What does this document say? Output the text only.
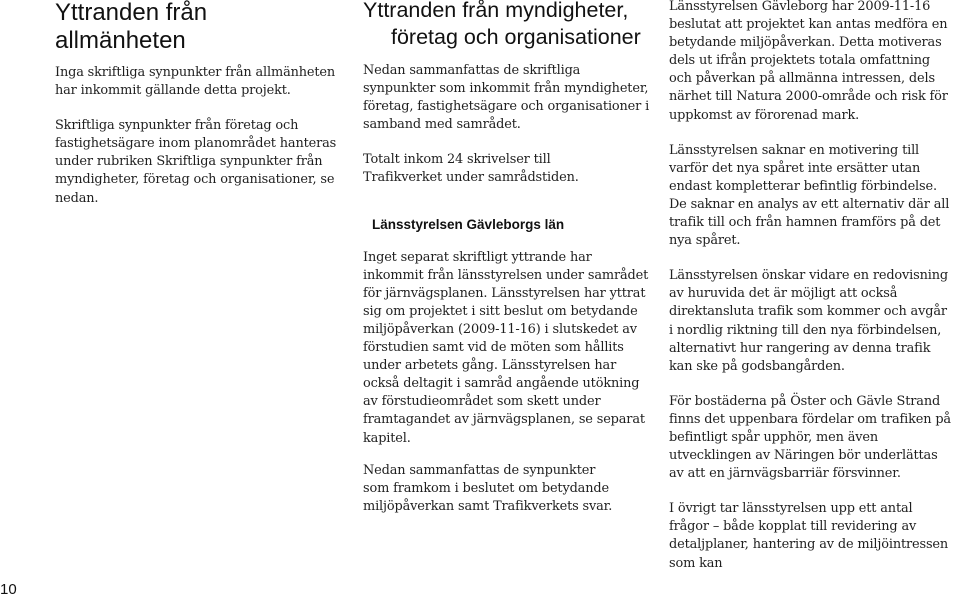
Yttranden från allmänheten

Inga skriftliga synpunkter från allmänheten har inkommit gällande detta projekt.

Skriftliga synpunkter från företag och fastighetsägare inom planområdet hanteras under rubriken Skriftliga synpunkter från myndigheter, företag och organisationer, se nedan.

Yttranden från myndigheter,
företag och organisationer

Nedan sammanfattas de skriftliga synpunkter som inkommit från myndigheter, företag, fastighetsägare och organisationer i samband med samrådet.

Totalt inkom 24 skrivelser till Trafikverket under samrådstiden.

Länsstyrelsen Gävleborgs län

Inget separat skriftligt yttrande har inkommit från länsstyrelsen under samrådet för järnvägsplanen. Länsstyrelsen har yttrat sig om projektet i sitt beslut om betydande miljöpåverkan (2009-11-16) i slutskedet av förstudien samt vid de möten som hållits under arbetets gång. Länsstyrelsen har också deltagit i samråd angående utökning av förstudieområdet som skett under framtagandet av järnvägsplanen, se separat kapitel.

Nedan sammanfattas de synpunkter som framkom i beslutet om betydande miljöpåverkan samt Trafikverkets svar.

Länsstyrelsen Gävleborg har 2009-11-16 beslutat att projektet kan antas medföra en betydande miljöpåverkan. Detta motiveras dels ut ifrån projektets totala omfattning och påverkan på allmänna intressen, dels närhet till Natura 2000-område och risk för uppkomst av förorenad mark.

Länsstyrelsen saknar en motivering till varför det nya spåret inte ersätter utan endast kompletterar befintlig förbindelse. De saknar en analys av ett alternativ där all trafik till och från hamnen framförs på det nya spåret.

Länsstyrelsen önskar vidare en redovisning av huruvida det är möjligt att också direktansluta trafik som kommer och avgår i nordlig riktning till den nya förbindelsen, alternativt hur rangering av denna trafik kan ske på godsbangården.

För bostäderna på Öster och Gävle Strand finns det uppenbara fördelar om trafiken på befintligt spår upphör, men även utvecklingen av Näringen bör underlättas av att en järnvägsbarriär försvinner.

I övrigt tar länsstyrelsen upp ett antal frågor – både kopplat till revidering av detaljplaner, hantering av de miljöintressen som kan

10
